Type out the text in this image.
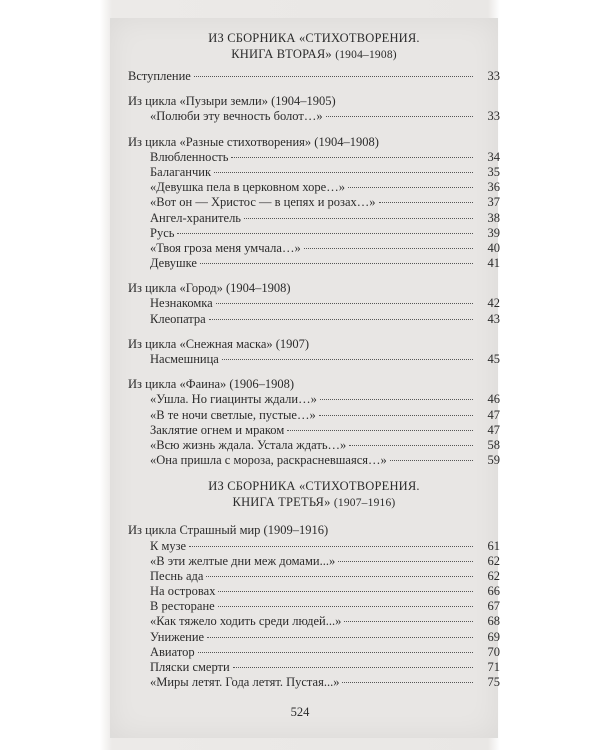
ИЗ СБОРНИКА «СТИХОТВОРЕНИЯ.
КНИГА ВТОРАЯ» (1904–1908)
Вступление	33
Из цикла «Пузыри земли» (1904–1905)
«Полюби эту вечность болот…»	33
Из цикла «Разные стихотворения» (1904–1908)
Влюбленность	34
Балаганчик	35
«Девушка пела в церковном хоре…»	36
«Вот он — Христос — в цепях и розах…»	37
Ангел-хранитель	38
Русь	39
«Твоя гроза меня умчала…»	40
Девушке	41
Из цикла «Город» (1904–1908)
Незнакомка	42
Клеопатра	43
Из цикла «Снежная маска» (1907)
Насмешница	45
Из цикла «Фаина» (1906–1908)
«Ушла. Но гиацинты ждали…»	46
«В те ночи светлые, пустые…»	47
Заклятие огнем и мраком	47
«Всю жизнь ждала. Устала ждать…»	58
«Она пришла с мороза, раскрасневшаяся…»	59
ИЗ СБОРНИКА «СТИХОТВОРЕНИЯ.
КНИГА ТРЕТЬЯ» (1907–1916)
Из цикла Страшный мир (1909–1916)
К музе	61
«В эти желтые дни меж домами...»	62
Песнь ада	62
На островах	66
В ресторане	67
«Как тяжело ходить среди людей...»	68
Унижение	69
Авиатор	70
Пляски смерти	71
«Миры летят. Года летят. Пустая...»	75
524
